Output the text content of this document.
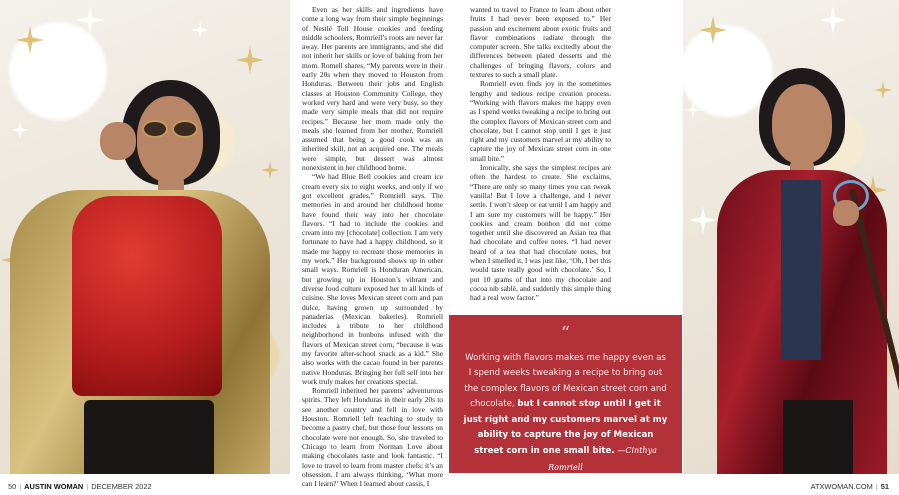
Even as her skills and ingredients have come a long way from their simple beginnings of Nestlé Toll House cookies and feeding middle schoolers, Romriell’s roots are never far away. Her parents are immigrants, and she did not inherit her skills or love of baking from her mom. Romell shares, “My parents were in their early 20s when they moved to Houston from Honduras. Between their jobs and English classes at Houston Community College, they worked very hard and were very busy, so they made very simple meals that did not require recipes.” Because her mom made only the meals she learned from her mother, Romriell assumed that being a good cook was an inherited skill, not an acquired one. The meals were simple, but dessert was almost nonexistent in her childhood home.

“We had Blue Bell cookies and cream ice cream every six to eight weeks, and only if we got excellent grades,” Romriell says. The memories in and around her childhood home have found their way into her chocolate flavors. “I had to include the cookies and cream into my [chocolate] collection. I am very fortunate to have had a happy childhood, so it made me happy to recreate those memories in my work.” Her background shows up in other small ways. Romriell is Honduran American, but growing up in Houston’s vibrant and diverse food culture exposed her to all kinds of cuisine. She loves Mexican street corn and pan dulce, having grown up surrounded by panaderías (Mexican bakeries). Romriell includes a tribute to her childhood neighborhood in bonbons infused with the flavors of Mexican street corn, “because it was my favorite after-school snack as a kid.” She also works with the cacao found in her parents native Honduras. Bringing her full self into her work truly makes her creations special.

Romriell inherited her parents’ adventurous spirits. They left Honduras in their early 20s to see another country and fell in love with Houston. Romriell left teaching to study to become a pastry chef, but those four lessons on chocolate were not enough. So, she traveled to Chicago to learn from Norman Love about making chocolates taste and look fantastic. “I love to travel to learn from master chefs; it’s an obsession. I am always thinking, ‘What more can I learn?’ When I learned about cassis, I

wanted to travel to France to learn about other fruits I had never been exposed to.” Her passion and excitement about exotic fruits and flavor combinations radiate through the computer screen. She talks excitedly about the differences between plated desserts and the challenges of bringing flavors, colors and textures to such a small plate.

Romriell even finds joy in the sometimes lengthy and tedious recipe creation process. “Working with flavors makes me happy even as I spend weeks tweaking a recipe to bring out the complex flavors of Mexican street corn and chocolate, but I cannot stop until I get it just right and my customers marvel at my ability to capture the joy of Mexican street corn in one small bite.”

Ironically, she says the simplest recipes are often the hardest to create. She exclaims, “There are only so many times you can tweak vanilla! But I love a challenge, and I never settle. I won’t sleep or eat until I am happy and I am sure my customers will be happy.” Her cookies and cream bonbon did not come together until she discovered an Asian tea that had chocolate and coffee notes. “I had never heard of a tea that had chocolate notes, but when I smelled it, I was just like, ‘Oh, I bet this would taste really good with chocolate.’ So, I put 10 grams of that into my chocolate and cocoa nib sablé, and suddenly this simple thing had a real wow factor.”

“

Working with flavors makes me happy even as I spend weeks tweaking a recipe to bring out the complex flavors of Mexican street corn and chocolate, but I cannot stop until I get it just right and my customers marvel at my ability to capture the joy of Mexican street corn in one small bite. —Cinthya Romriell

50 | AUSTIN WOMAN | DECEMBER 2022	ATXWOMAN.COM | 51
